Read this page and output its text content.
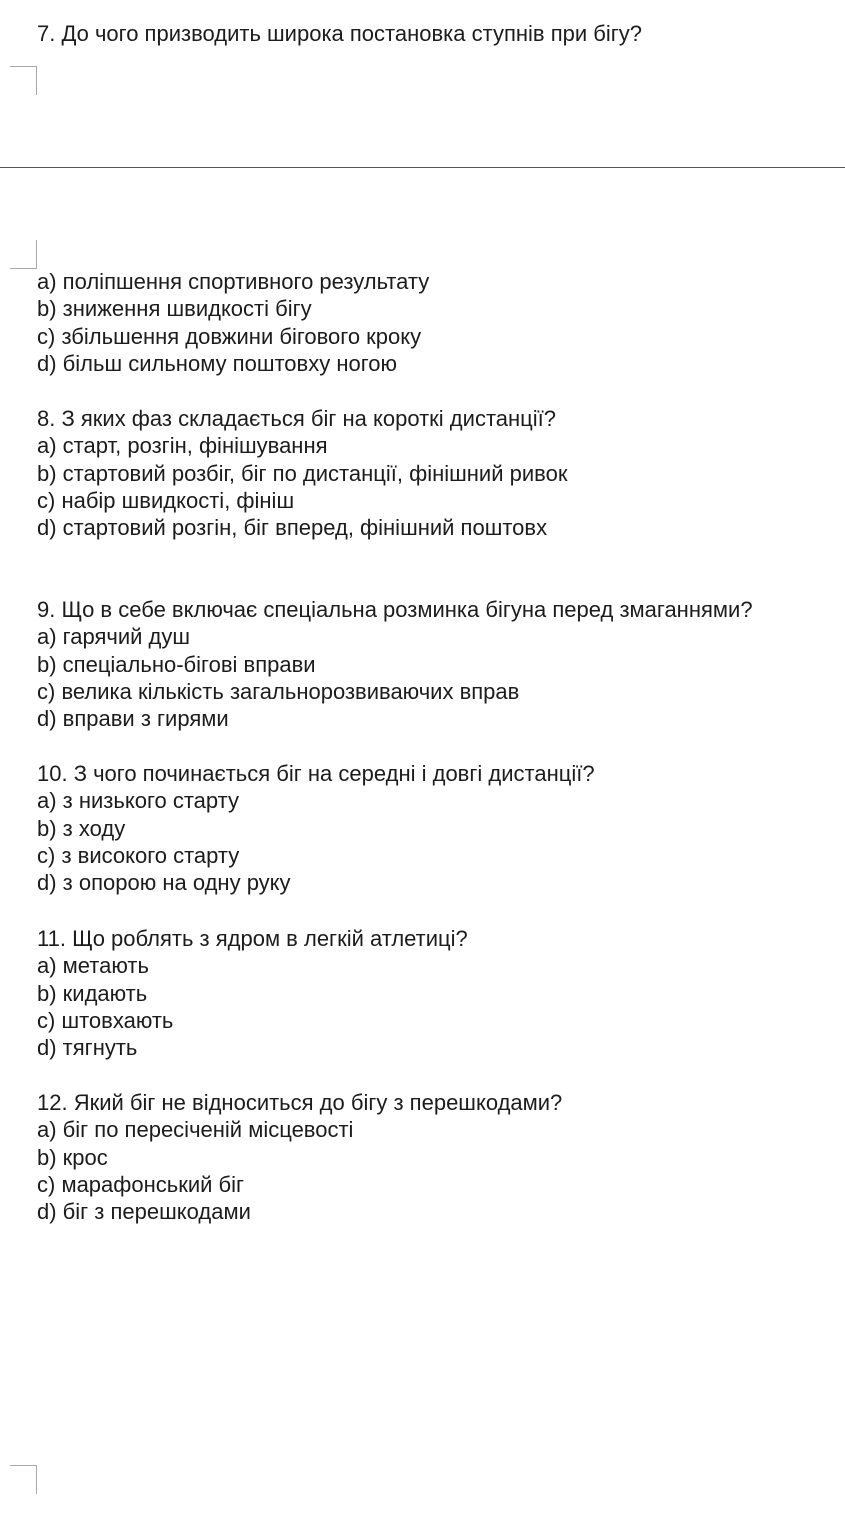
7. До чого призводить широка постановка ступнів при бігу?
a) поліпшення спортивного результату
b) зниження швидкості бігу
c) збільшення довжини бігового кроку
d) більш сильному поштовху ногою
8. З яких фаз складається біг на короткі дистанції?
a) старт, розгін, фінішування
b) стартовий розбіг, біг по дистанції, фінішний ривок
c) набір швидкості, фініш
d) стартовий розгін, біг вперед, фінішний поштовх
9. Що в себе включає спеціальна розминка бігуна перед змаганнями?
a) гарячий душ
b) спеціально-бігові вправи
c) велика кількість загальнорозвиваючих вправ
d) вправи з гирями
10. З чого починається біг на середні і довгі дистанції?
a) з низького старту
b) з ходу
c) з високого старту
d) з опорою на одну руку
11. Що роблять з ядром в легкій атлетиці?
a) метають
b) кидають
c) штовхають
d) тягнуть
12. Який біг не відноситься до бігу з перешкодами?
a) біг по пересіченій місцевості
b) крос
c) марафонський біг
d) біг з перешкодами
